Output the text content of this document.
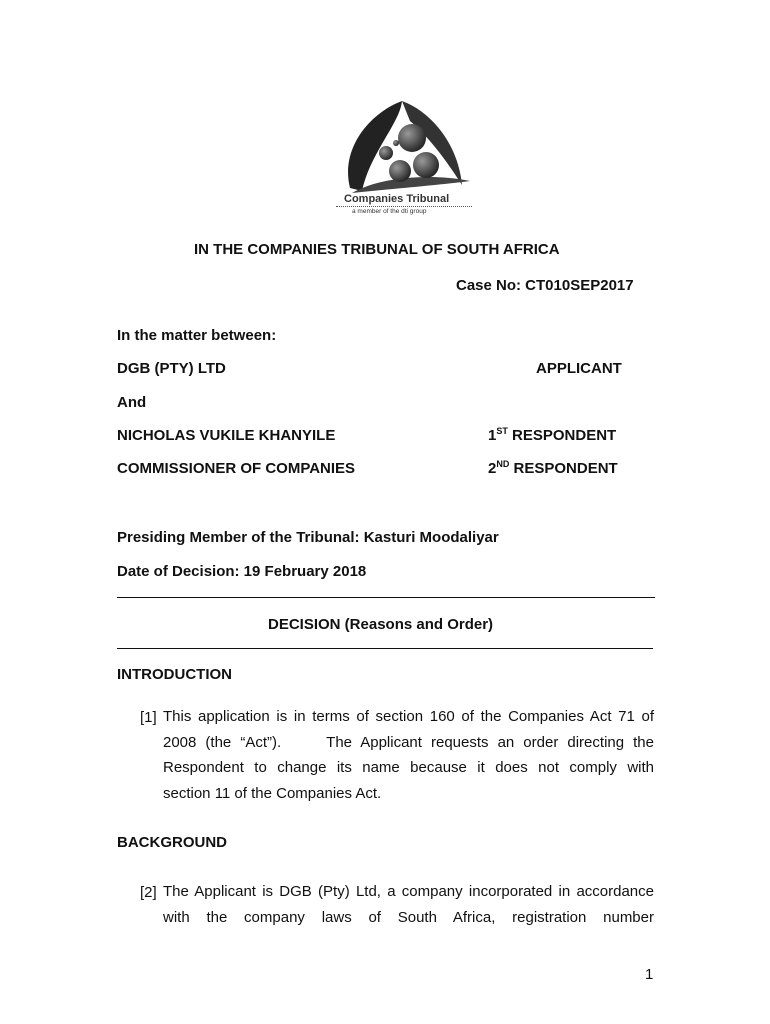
Companies Tribunal
a member of the dti group
IN THE COMPANIES TRIBUNAL OF SOUTH AFRICA
Case No: CT010SEP2017
In the matter between:
DGB (PTY) LTD	APPLICANT
And
NICHOLAS VUKILE KHANYILE	1ST RESPONDENT
COMMISSIONER OF COMPANIES	2ND RESPONDENT
Presiding Member of the Tribunal: Kasturi Moodaliyar
Date of Decision: 19 February 2018
DECISION (Reasons and Order)
INTRODUCTION
[1] This application is in terms of section 160 of the Companies Act 71 of
2008 (the “Act”).     The Applicant requests an order directing the
Respondent to change its name because it does not comply with
section 11 of the Companies Act.
BACKGROUND
[2] The Applicant is DGB (Pty) Ltd, a company incorporated in accordance
with the company laws of South Africa, registration number
1
